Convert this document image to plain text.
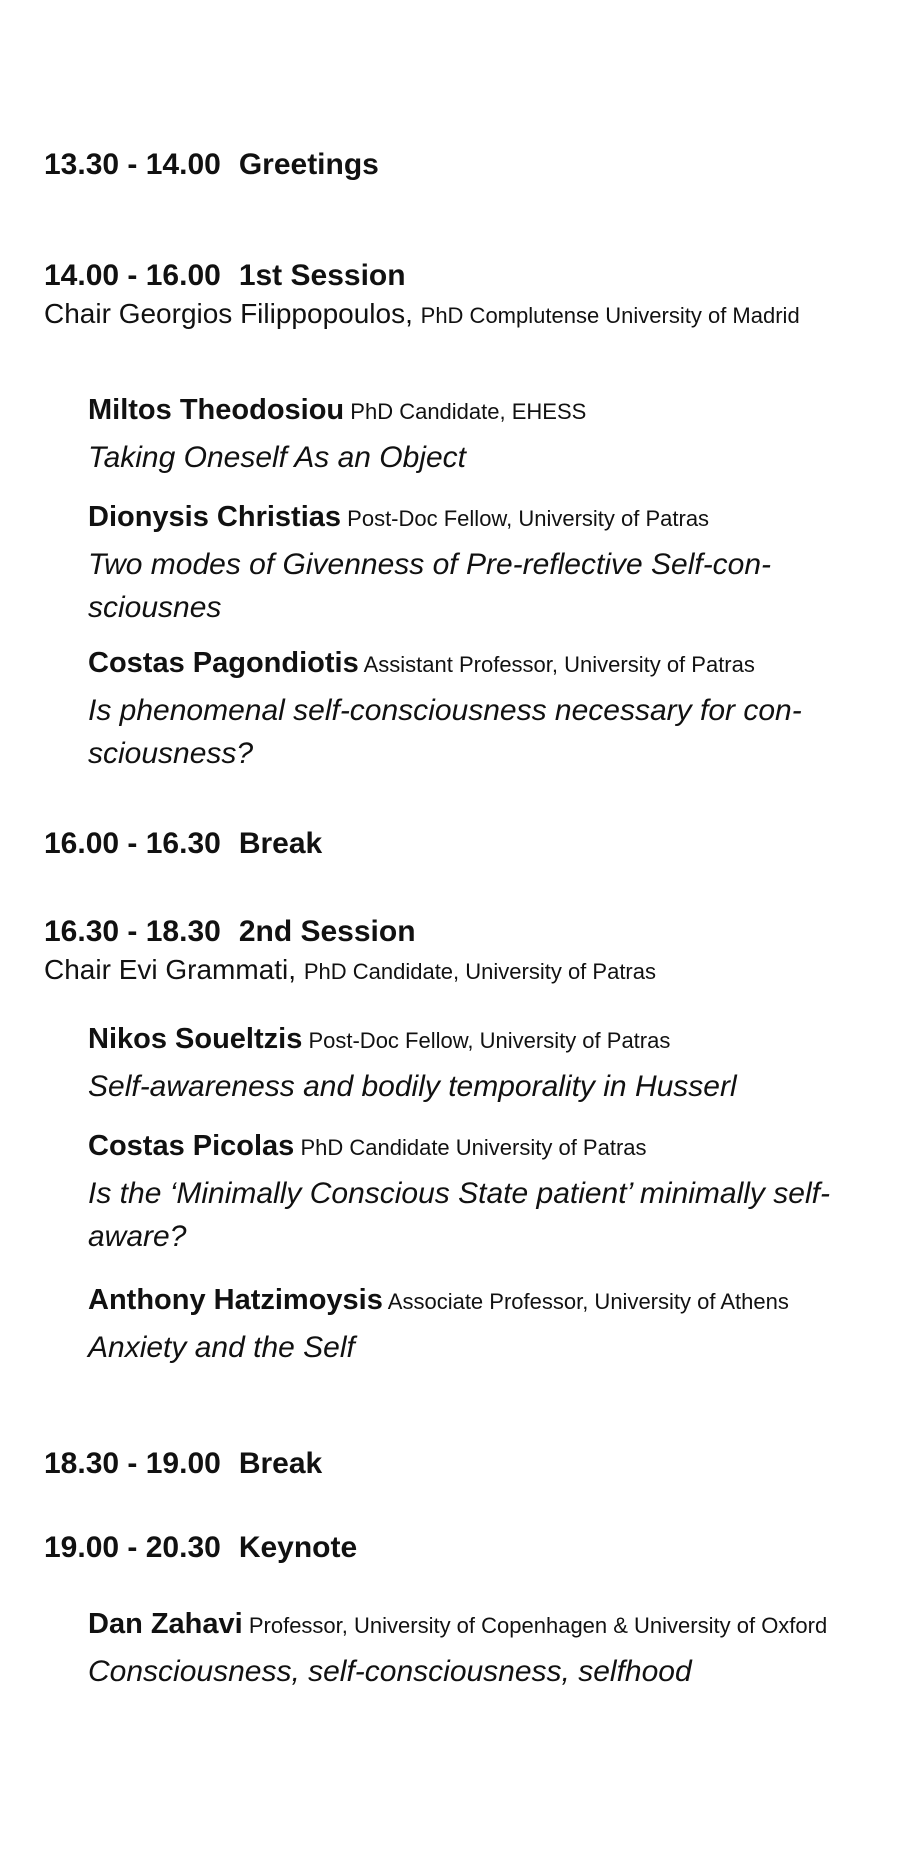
13.30 - 14.00 Greetings
14.00 - 16.00 1st Session
Chair Georgios Filippopoulos, PhD Complutense University of Madrid
Miltos Theodosiou PhD Candidate, EHESS
Taking Oneself As an Object
Dionysis Christias Post-Doc Fellow, University of Patras
Two modes of Givenness of Pre-reflective Self-con-sciousnes
Costas Pagondiotis Assistant Professor, University of Patras
Is phenomenal self-consciousness necessary for con-sciousness?
16.00 - 16.30 Break
16.30 - 18.30 2nd Session
Chair Evi Grammati, PhD Candidate, University of Patras
Nikos Soueltzis Post-Doc Fellow, University of Patras
Self-awareness and bodily temporality in Husserl
Costas Picolas PhD Candidate University of Patras
Is the ‘Minimally Conscious State patient’ minimally self-aware?
Anthony Hatzimoysis Associate Professor, University of Athens
Anxiety and the Self
18.30 - 19.00 Break
19.00 - 20.30 Keynote
Dan Zahavi Professor, University of Copenhagen & University of Oxford
Consciousness, self-consciousness, selfhood
